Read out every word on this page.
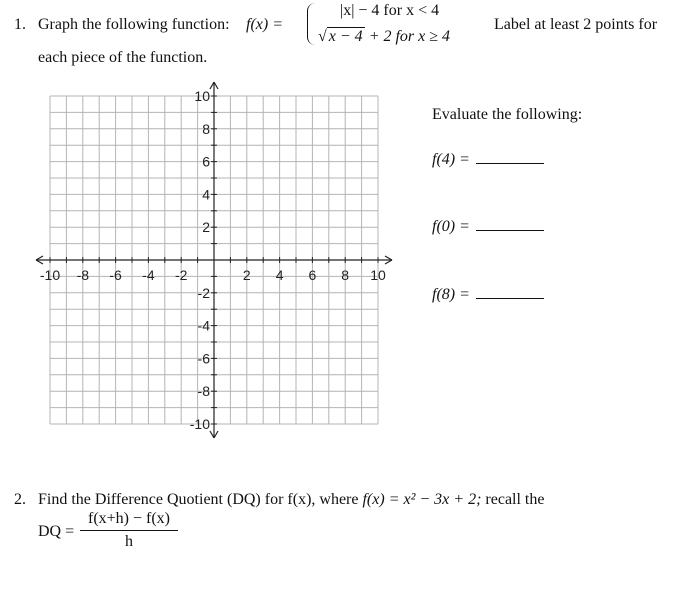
1. Graph the following function: f(x) =
|x| − 4 for x < 4
√ x − 4 + 2 for x ≥ 4
Label at least 2 points for
each piece of the function.
-10 -8 -6 -4 -2	2 4 6 8 10
10
8
6
4
2
-2
-4
-6
-8
-10
Evaluate the following:
f(4) =
f(0) =
f(8) =
2. Find the Difference Quotient (DQ) for f(x), where f(x) = x² − 3x + 2; recall the
DQ = $\frac{f(x+h) - f(x)}{h}$
